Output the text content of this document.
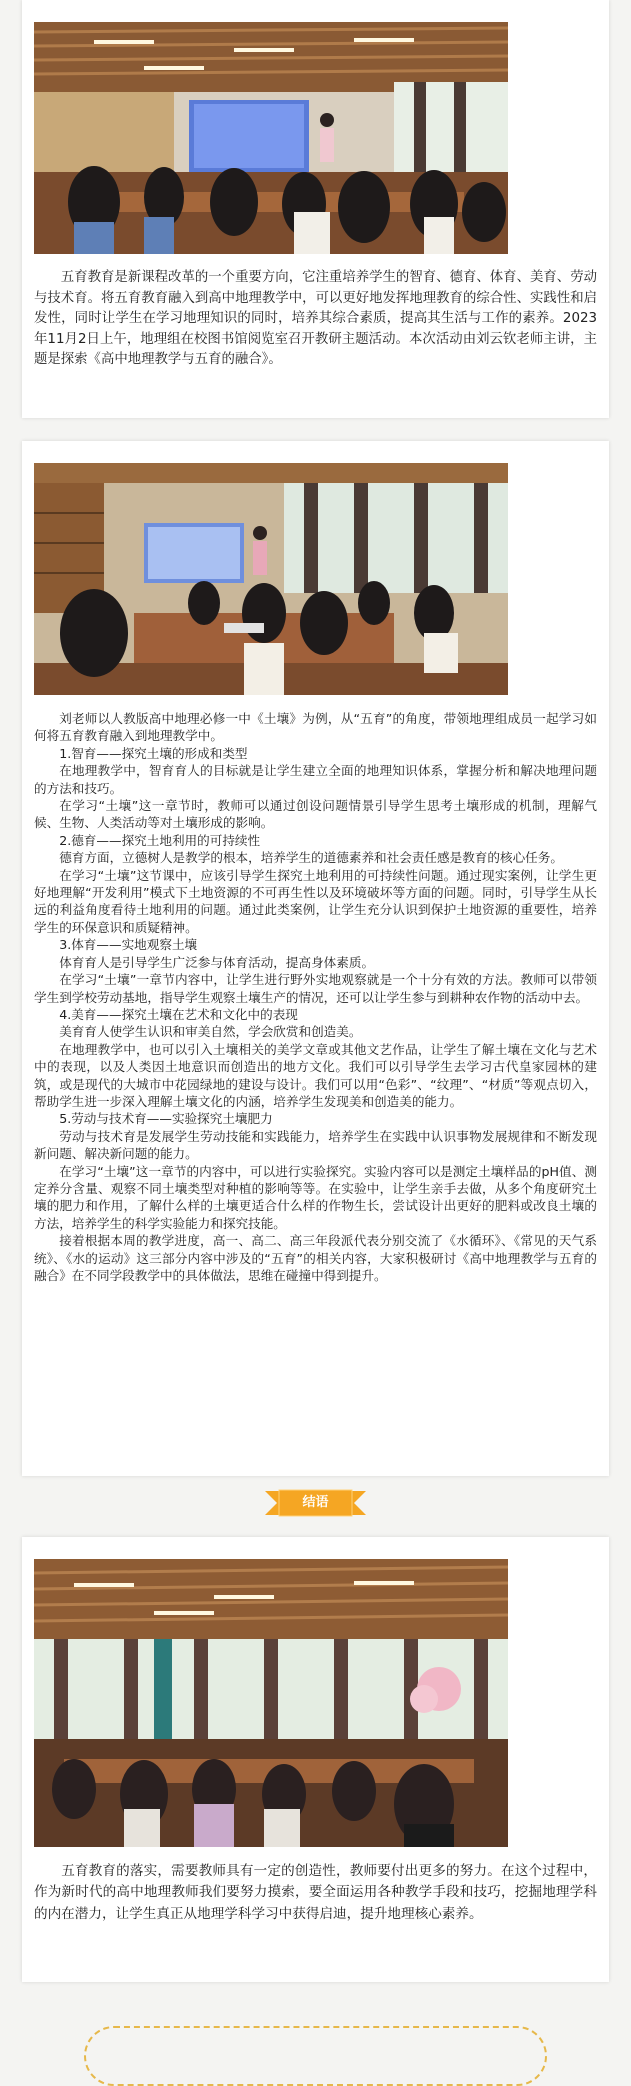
五育教育是新课程改革的一个重要方向，它注重培养学生的智育、德育、体育、美育、劳动与技术育。将五育教育融入到高中地理教学中，可以更好地发挥地理教育的综合性、实践性和启发性，同时让学生在学习地理知识的同时，培养其综合素质，提高其生活与工作的素养。2023年11月2日上午，地理组在校图书馆阅览室召开教研主题活动。本次活动由刘云钦老师主讲，主题是探索《高中地理教学与五育的融合》。

刘老师以人教版高中地理必修一中《土壤》为例，从“五育”的角度，带领地理组成员一起学习如何将五育教育融入到地理教学中。

1.智育——探究土壤的形成和类型

在地理教学中，智育育人的目标就是让学生建立全面的地理知识体系，掌握分析和解决地理问题的方法和技巧。

在学习“土壤”这一章节时，教师可以通过创设问题情景引导学生思考土壤形成的机制，理解气候、生物、人类活动等对土壤形成的影响。

2.德育——探究土地利用的可持续性

德育方面，立德树人是教学的根本，培养学生的道德素养和社会责任感是教育的核心任务。

在学习“土壤”这节课中，应该引导学生探究土地利用的可持续性问题。通过现实案例，让学生更好地理解“开发利用”模式下土地资源的不可再生性以及环境破坏等方面的问题。同时，引导学生从长远的利益角度看待土地利用的问题。通过此类案例，让学生充分认识到保护土地资源的重要性，培养学生的环保意识和质疑精神。

3.体育——实地观察土壤

体育育人是引导学生广泛参与体育活动，提高身体素质。

在学习“土壤”一章节内容中，让学生进行野外实地观察就是一个十分有效的方法。教师可以带领学生到学校劳动基地，指导学生观察土壤生产的情况，还可以让学生参与到耕种农作物的活动中去。

4.美育——探究土壤在艺术和文化中的表现

美育育人使学生认识和审美自然，学会欣赏和创造美。

在地理教学中，也可以引入土壤相关的美学文章或其他文艺作品，让学生了解土壤在文化与艺术中的表现，以及人类因土地意识而创造出的地方文化。我们可以引导学生去学习古代皇家园林的建筑，或是现代的大城市中花园绿地的建设与设计。我们可以用“色彩”、“纹理”、“材质”等观点切入，帮助学生进一步深入理解土壤文化的内涵，培养学生发现美和创造美的能力。

5.劳动与技术育——实验探究土壤肥力

劳动与技术育是发展学生劳动技能和实践能力，培养学生在实践中认识事物发展规律和不断发现新问题、解决新问题的能力。

在学习“土壤”这一章节的内容中，可以进行实验探究。实验内容可以是测定土壤样品的pH值、测定养分含量、观察不同土壤类型对种植的影响等等。在实验中，让学生亲手去做，从多个角度研究土壤的肥力和作用，了解什么样的土壤更适合什么样的作物生长，尝试设计出更好的肥料或改良土壤的方法，培养学生的科学实验能力和探究技能。

接着根据本周的教学进度，高一、高二、高三年段派代表分别交流了《水循环》、《常见的天气系统》、《水的运动》这三部分内容中涉及的“五育”的相关内容，大家积极研讨《高中地理教学与五育的融合》在不同学段教学中的具体做法，思维在碰撞中得到提升。

结语

五育教育的落实，需要教师具有一定的创造性，教师要付出更多的努力。在这个过程中，作为新时代的高中地理教师我们要努力摸索，要全面运用各种教学手段和技巧，挖掘地理学科的内在潜力，让学生真正从地理学科学习中获得启迪，提升地理核心素养。
